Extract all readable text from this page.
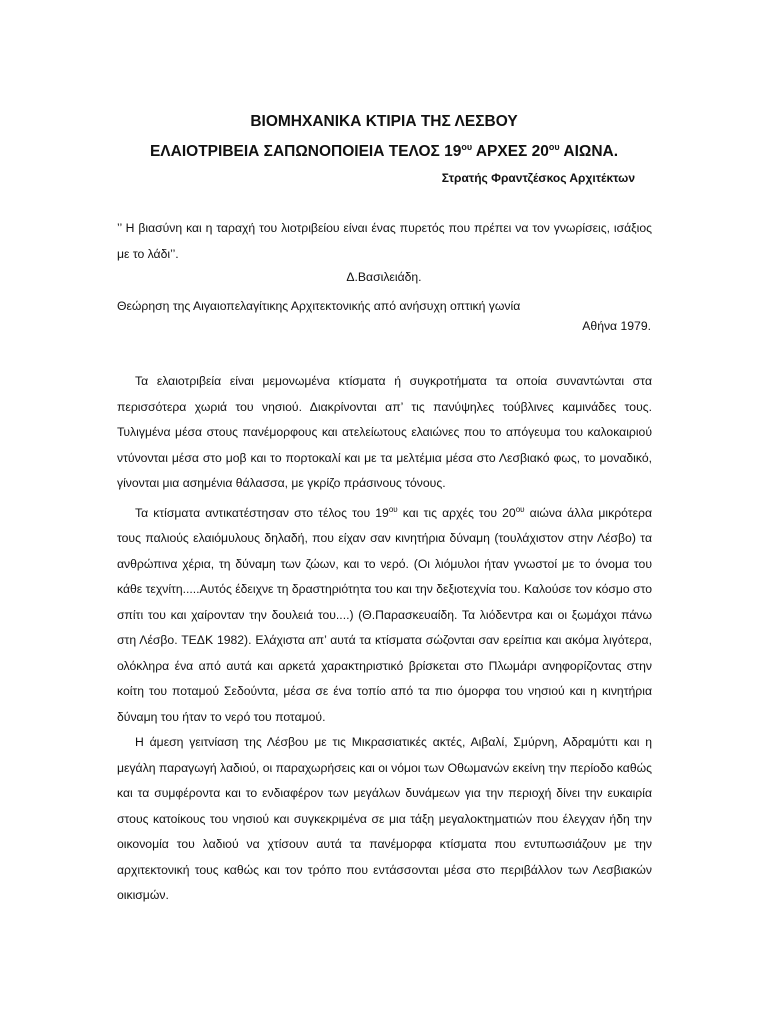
ΒΙΟΜΗΧΑΝΙΚΑ ΚΤΙΡΙΑ ΤΗΣ ΛΕΣΒΟΥ
ΕΛΑΙΟΤΡΙΒΕΙΑ ΣΑΠΩΝΟΠΟΙΕΙΑ ΤΕΛΟΣ $19^{o\upsilon}$ ΑΡΧΕΣ $20^{o\upsilon}$ ΑΙΩΝΑ.
Στρατής Φραντζέσκος Αρχιτέκτων

’’ Η βιασύνη και η ταραχή του λιοτριβείου είναι ένας πυρετός που πρέπει να τον γνωρίσεις, ισάξιος με το λάδι’’.

Δ.Βασιλειάδη.

Θεώρηση της Αιγαιοπελαγίτικης Αρχιτεκτονικής από ανήσυχη οπτική γωνία

Αθήνα 1979.

Τα ελαιοτριβεία είναι μεμονωμένα κτίσματα ή συγκροτήματα τα οποία συναντώνται στα περισσότερα χωριά του νησιού. Διακρίνονται απ’ τις πανύψηλες τούβλινες καμινάδες τους. Τυλιγμένα μέσα στους πανέμορφους και ατελείωτους ελαιώνες που το απόγευμα του καλοκαιριού ντύνονται μέσα στο μοβ και το πορτοκαλί και με τα μελτέμια μέσα στο Λεσβιακό φως, το μοναδικό, γίνονται μια ασημένια θάλασσα, με γκρίζο πράσινους τόνους.

Τα κτίσματα αντικατέστησαν στο τέλος του $19^{o\upsilon}$ και τις αρχές του $20^{o\upsilon}$ αιώνα άλλα μικρότερα τους παλιούς ελαιόμυλους δηλαδή, που είχαν σαν κινητήρια δύναμη (τουλάχιστον στην Λέσβο) τα ανθρώπινα χέρια, τη δύναμη των ζώων, και το νερό. (Οι λιόμυλοι ήταν γνωστοί με το όνομα του κάθε τεχνίτη.....Αυτός έδειχνε τη δραστηριότητα του και την δεξιοτεχνία του. Καλούσε τον κόσμο στο σπίτι του και χαίρονταν την δουλειά του....) (Θ.Παρασκευαίδη. Τα λιόδεντρα και οι ξωμάχοι πάνω στη Λέσβο. ΤΕΔΚ 1982). Ελάχιστα απ’ αυτά τα κτίσματα σώζονται σαν ερείπια και ακόμα λιγότερα, ολόκληρα ένα από αυτά και αρκετά χαρακτηριστικό βρίσκεται στο Πλωμάρι ανηφορίζοντας στην κοίτη του ποταμού Σεδούντα, μέσα σε ένα τοπίο από τα πιο όμορφα του νησιού και η κινητήρια δύναμη του ήταν το νερό του ποταμού.

Η άμεση γειτνίαση της Λέσβου με τις Μικρασιατικές ακτές, Αιβαλί, Σμύρνη, Αδραμύττι και η μεγάλη παραγωγή λαδιού, οι παραχωρήσεις και οι νόμοι των Οθωμανών εκείνη την περίοδο καθώς και τα συμφέροντα και το ενδιαφέρον των μεγάλων δυνάμεων για την περιοχή δίνει την ευκαιρία στους κατοίκους του νησιού και συγκεκριμένα σε μια τάξη μεγαλοκτηματιών που έλεγχαν ήδη την οικονομία του λαδιού να χτίσουν αυτά τα πανέμορφα κτίσματα που εντυπωσιάζουν με την αρχιτεκτονική τους καθώς και τον τρόπο που εντάσσονται μέσα στο περιβάλλον των Λεσβιακών οικισμών.
